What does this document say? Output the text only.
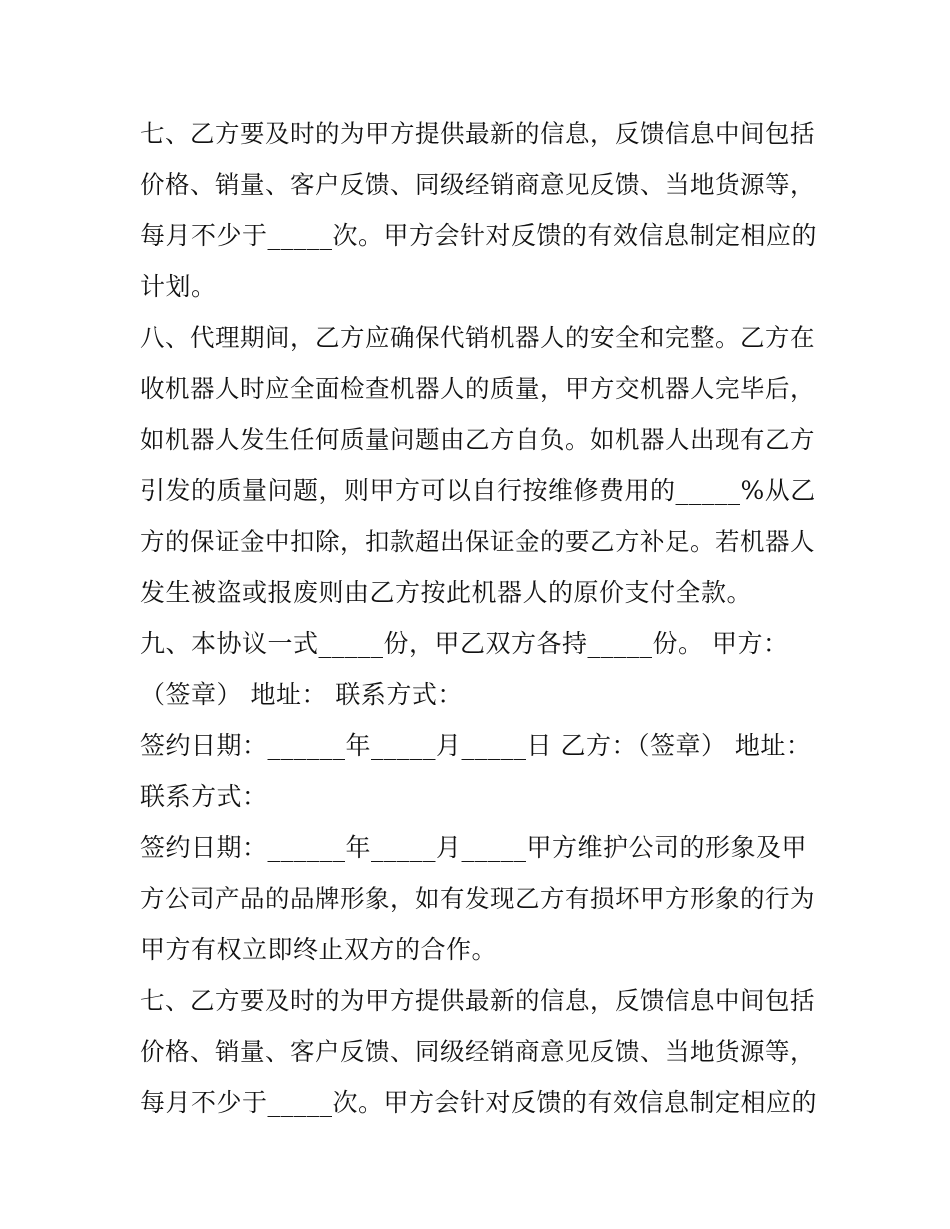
七、乙方要及时的为甲方提供最新的信息，反馈信息中间包括
价格、销量、客户反馈、同级经销商意见反馈、当地货源等，
每月不少于_____次。甲方会针对反馈的有效信息制定相应的
计划。
八、代理期间，乙方应确保代销机器人的安全和完整。乙方在
收机器人时应全面检查机器人的质量，甲方交机器人完毕后，
如机器人发生任何质量问题由乙方自负。如机器人出现有乙方
引发的质量问题，则甲方可以自行按维修费用的_____%从乙
方的保证金中扣除，扣款超出保证金的要乙方补足。若机器人
发生被盗或报废则由乙方按此机器人的原价支付全款。
九、本协议一式_____份，甲乙双方各持_____份。 甲方：
（签章） 地址： 联系方式：
签约日期：______年_____月_____日 乙方：（签章） 地址：
联系方式：
签约日期：______年_____月_____甲方维护公司的形象及甲
方公司产品的品牌形象，如有发现乙方有损坏甲方形象的行为
甲方有权立即终止双方的合作。
七、乙方要及时的为甲方提供最新的信息，反馈信息中间包括
价格、销量、客户反馈、同级经销商意见反馈、当地货源等，
每月不少于_____次。甲方会针对反馈的有效信息制定相应的
